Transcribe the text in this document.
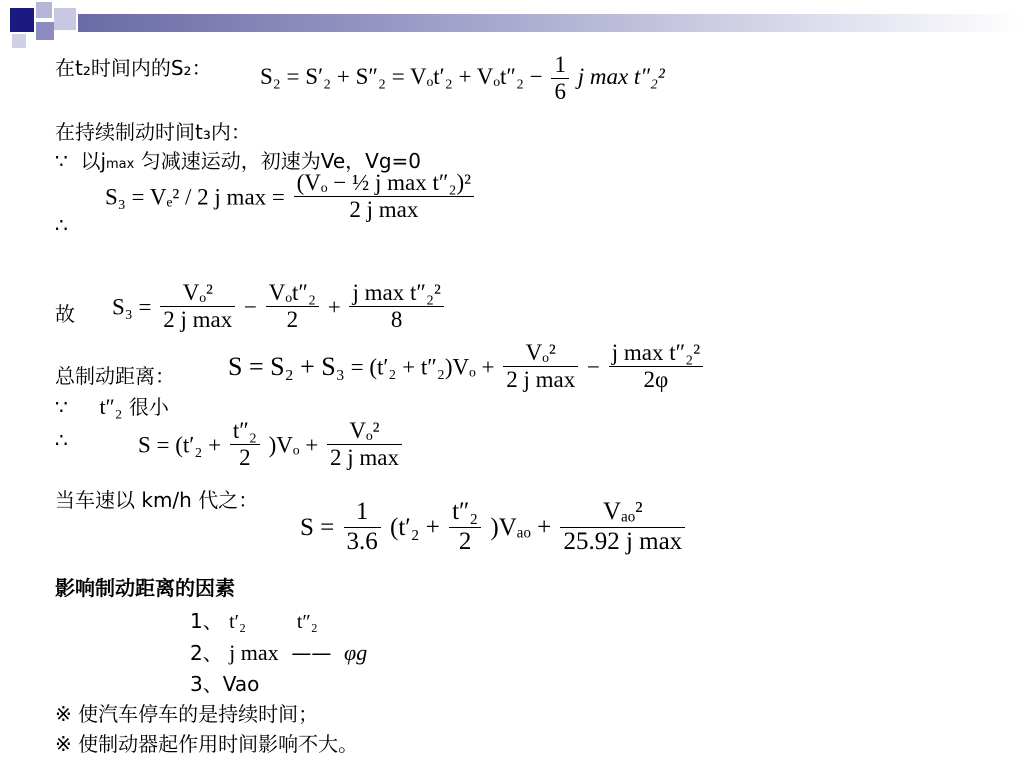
在t₂时间内的S₂： $S_2 = S'_2 + S''_2 = V_ot'_2 + V_ot''_2 - \frac{1}{6}$ j max t″₂²
在持续制动时间t₃内：
∵ 以jmax 匀减速运动，初速为Ve，Vg=0
∴
S₃ = Vₑ² / 2 j $\max = \frac{\text{(Vₒ − ½ j max t″₂)²}}{\text{2 j max}}$
故 $S_3 = \frac{\text{Vₒ²}}{\text{2 j max}} - \frac{\text{Vₒt″₂}}{2} + \frac{\text{j max t″₂²}}{8}$
总制动距离： $S = S_2 + S_3 = (t'_2 + t''_2)V_o + \frac{\text{Vₒ²}}{\text{2 j max}} - \frac{\text{j max t″₂²}}{2\varphi}$
∵ t″₂ 很小
∴	$S = (t'_2 + \frac{\text{t″₂}}{2} )V_o + \frac{\text{Vₒ²}}{\text{2 j max}}$
当车速以 km/h 代之：
$S = \frac{1}{3.6} (t'_2 + \frac{\text{t″₂}}{2} )V_{ao} + \frac{\text{Vₐₒ²}}{\text{25.92 j max}}$
影响制动距离的因素
1、 t′₂	t″₂
2、 j max —— φg
3、Vao
※ 使汽车停车的是持续时间；
※ 使制动器起作用时间影响不大。
